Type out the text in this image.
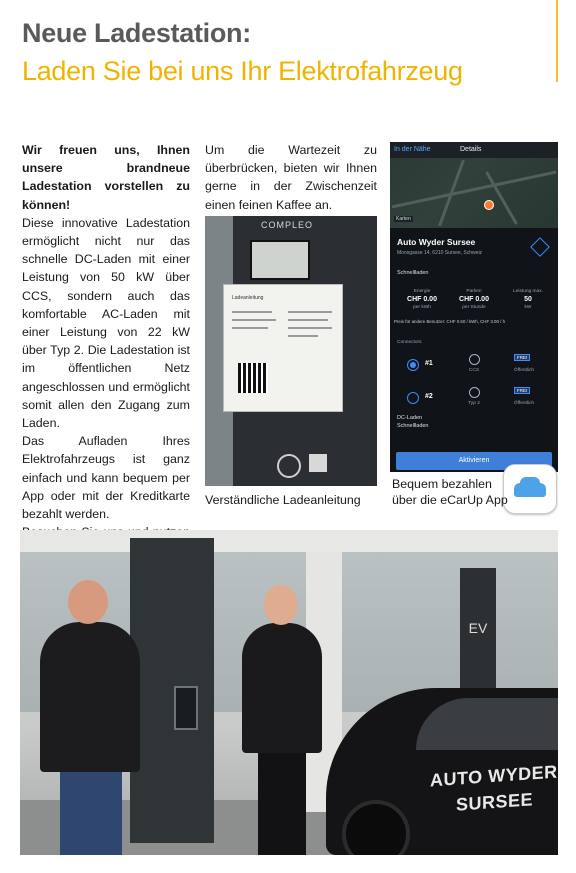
Neue Ladestation:
Laden Sie bei uns Ihr Elektrofahrzeug

Wir freuen uns, Ihnen unsere brandneue Ladestation vorstellen zu können!

Diese innovative Ladestation ermöglicht nicht nur das schnelle DC-Laden mit einer Leistung von 50 kW über CCS, sondern auch das komfortable AC-Laden mit einer Leistung von 22 kW über Typ 2. Die Ladestation ist im öffentlichen Netz angeschlossen und ermöglicht somit allen den Zugang zum Laden.

Das Aufladen Ihres Elektrofahrzeugs ist ganz einfach und kann bequem per App oder mit der Kreditkarte bezahlt werden.

Um die Wartezeit zu überbrücken, bieten wir Ihnen gerne in der Zwischenzeit einen feinen Kaffee an.

COMPLEO
Ladeanleitung
Verständliche Ladeanleitung
In der Nähe	Details
Karten
Auto Wyder Sursee
Moosgasse 14, 6210 Sursee, Schweiz
Schnellladen
Energie
CHF 0.00
per kWh
Parken
CHF 0.00
per Stunde
Leistung max.
50
kW
Preis für andere Benutzer: CHF 0.60 / kWh, CHF 3.00 / h
Connectors
#1
CCS
FREI
Öffentlich
#2
Typ 2
FREI
Öffentlich
DC-Laden
Schnellladen
Aktivieren
Bequem bezahlen
über die eCarUp App
EV
AUTO WYDER
SURSEE
